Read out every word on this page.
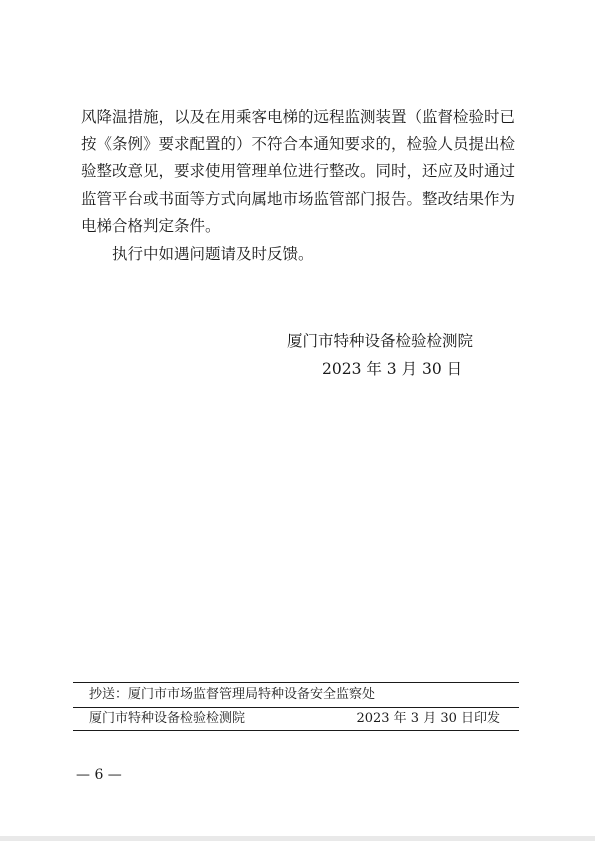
风降温措施，以及在用乘客电梯的远程监测装置（监督检验时已

按《条例》要求配置的）不符合本通知要求的，检验人员提出检

验整改意见，要求使用管理单位进行整改。同时，还应及时通过

监管平台或书面等方式向属地市场监管部门报告。整改结果作为

电梯合格判定条件。

执行中如遇问题请及时反馈。

厦门市特种设备检验检测院
2023 年 3 月 30 日
抄送：厦门市市场监督管理局特种设备安全监察处
厦门市特种设备检验检测院	2023 年 3 月 30 日印发
— 6 —
